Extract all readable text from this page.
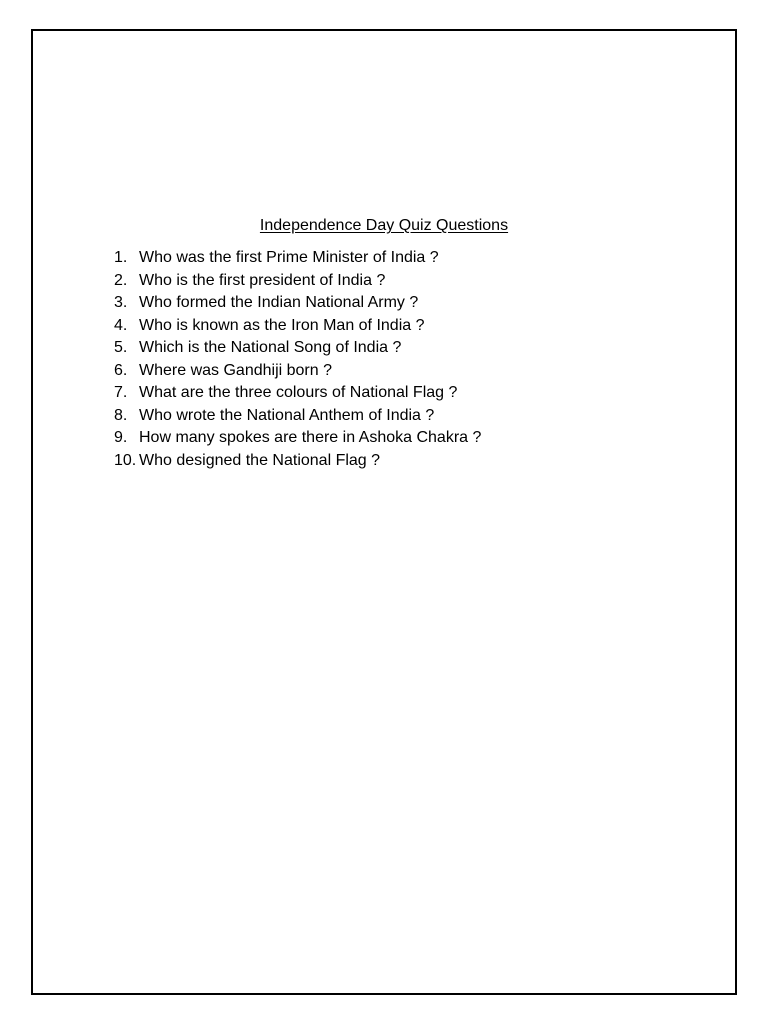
Independence Day Quiz Questions
1. Who was the first Prime Minister of India ?
2. Who is the first president of India ?
3. Who formed the Indian National Army ?
4. Who is known as the Iron Man of India ?
5. Which is the National Song of India ?
6. Where was Gandhiji born ?
7. What are the three colours of National Flag ?
8. Who wrote the National Anthem of India ?
9. How many spokes are there in Ashoka Chakra ?
10. Who designed the National Flag ?
